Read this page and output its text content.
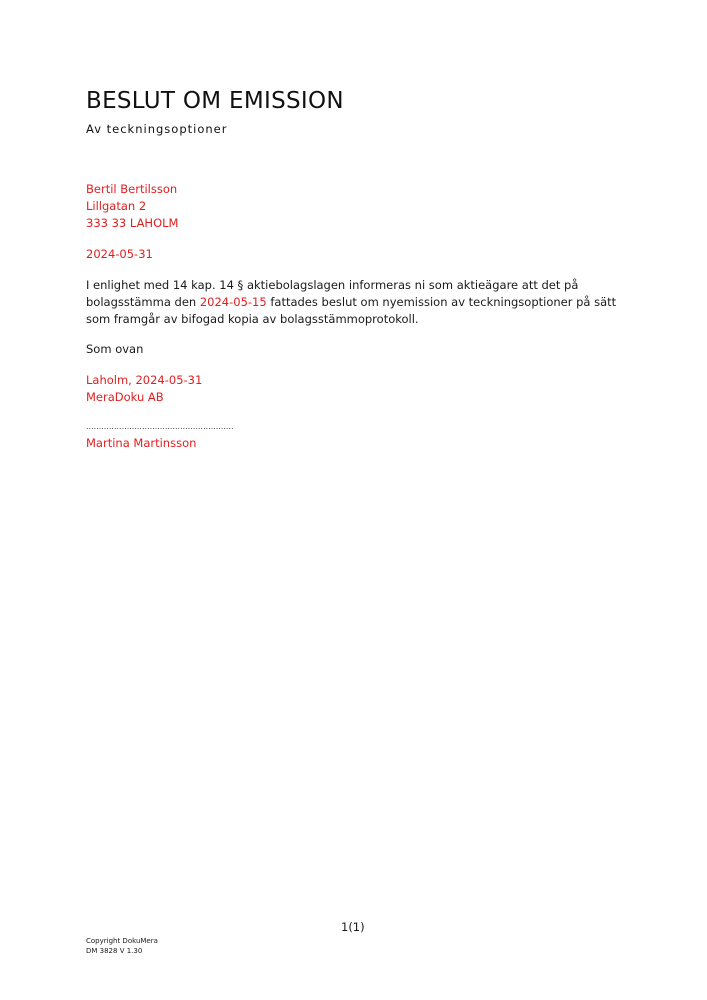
BESLUT OM EMISSION
Av teckningsoptioner
Bertil Bertilsson
Lillgatan 2
333 33 LAHOLM
2024-05-31
I enlighet med 14 kap. 14 § aktiebolagslagen informeras ni som aktieägare att det på bolagsstämma den 2024-05-15 fattades beslut om nyemission av teckningsoptioner på sätt som framgår av bifogad kopia av bolagsstämmoprotokoll.
Som ovan
Laholm, 2024-05-31
MeraDoku AB
..........................................................
Martina Martinsson
1(1)
Copyright DokuMera
DM 3828 V 1.30
